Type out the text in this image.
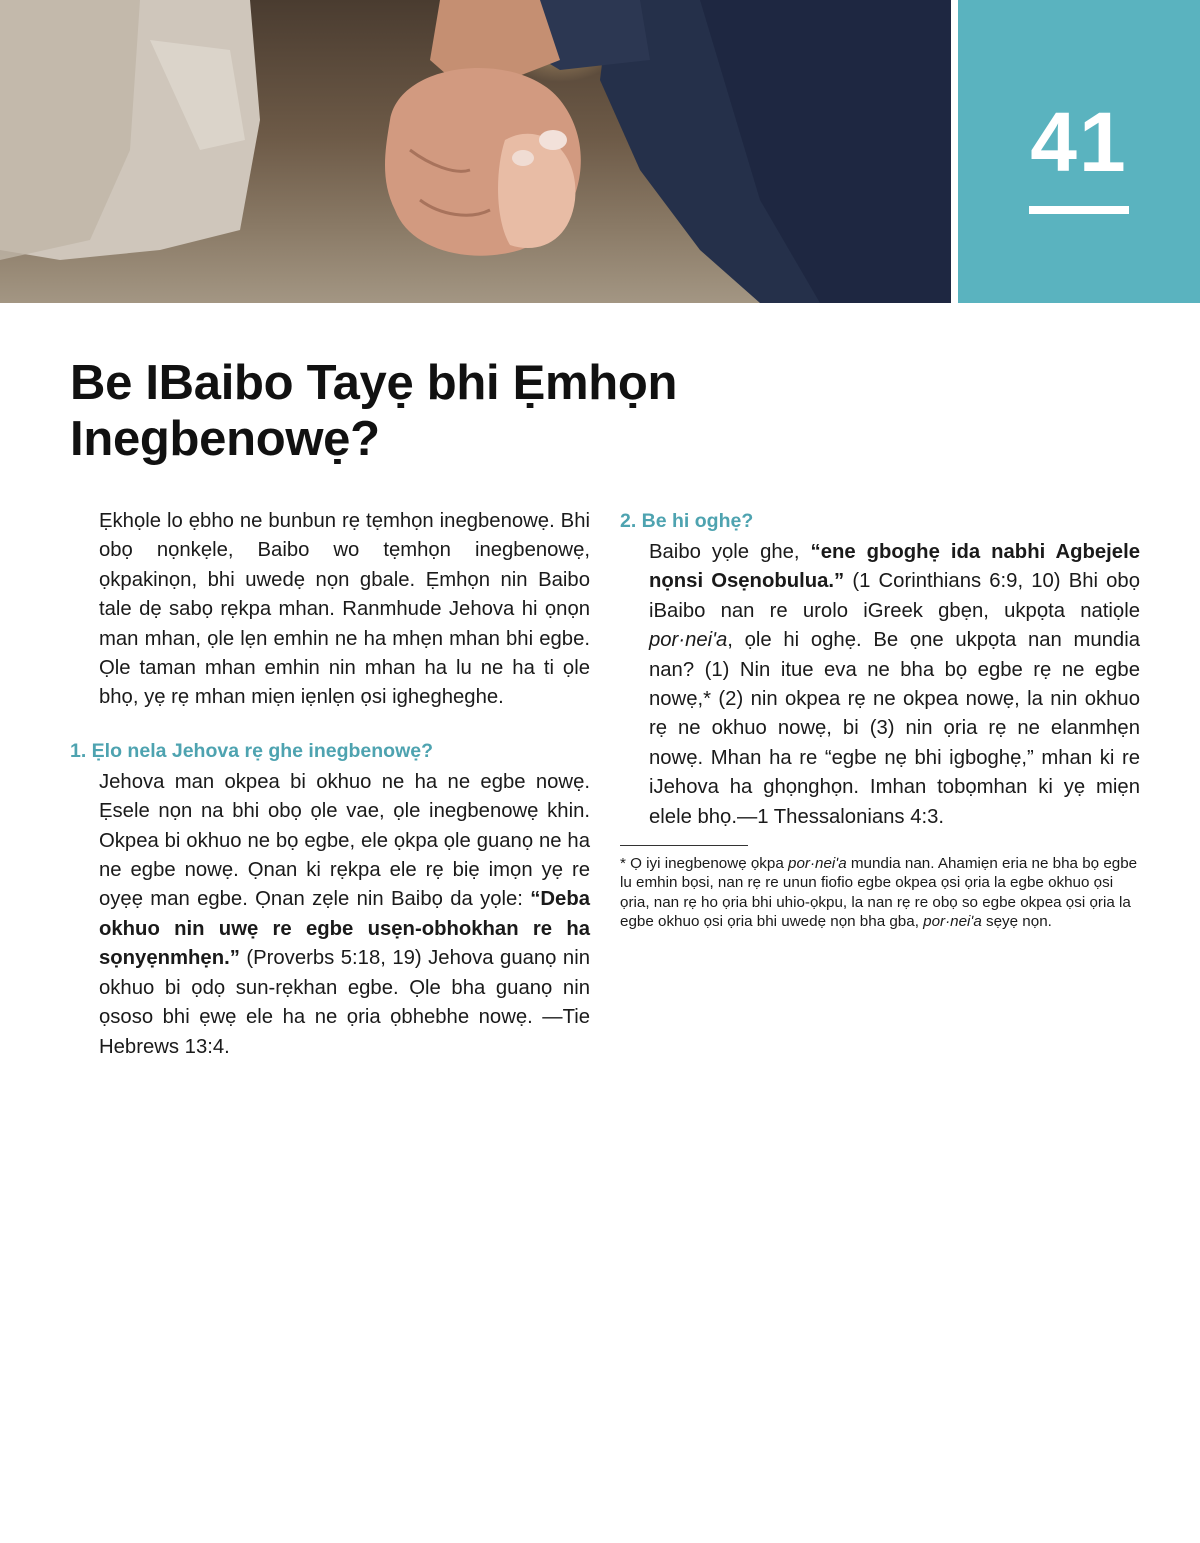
41
Be IBaibo Tayẹ bhi Ẹmhọn Inegbenowẹ?

Ẹkhọle lo ẹbho ne bunbun rẹ tẹmhọn inegbenowẹ. Bhi obọ nọnkẹle, Baibo wo tẹmhọn inegbenowẹ, ọkpakinọn, bhi uwedẹ nọn gbale. Ẹmhọn nin Baibo tale dẹ sabọ rẹkpa mhan. Ranmhude Jehova hi ọnọn man mhan, ọle lẹn emhin ne ha mhẹn mhan bhi egbe. Ọle taman mhan emhin nin mhan ha lu ne ha ti ọle bhọ, yẹ rẹ mhan miẹn iẹnlẹn ọsi ighegheghe.

1. Ẹlo nela Jehova rẹ ghe inegbenowẹ?

Jehova man okpea bi okhuo ne ha ne egbe nowẹ. Ẹsele nọn na bhi obọ ọle vae, ọle inegbenowẹ khin. Okpea bi okhuo ne bọ egbe, ele ọkpa ọle guanọ ne ha ne egbe nowẹ. Ọnan ki rẹkpa ele rẹ biẹ imọn yẹ re oyẹẹ man egbe. Ọnan zẹle nin Baibọ da yọle: “Deba okhuo nin uwẹ re egbe usẹn-obhokhan re ha sọnyẹnmhẹn.” (Proverbs 5:18, 19) Jehova guanọ nin okhuo bi ọdọ sun-rẹkhan egbe. Ọle bha guanọ nin ọsoso bhi ẹwẹ ele ha ne ọria ọbhebhe nowẹ. —Tie Hebrews 13:4.

2. Be hi oghẹ?

Baibo yọle ghe, “ene gboghẹ ida nabhi Agbejele nọnsi Osẹnobulua.” (1 Corinthians 6:9, 10) Bhi obọ iBaibo nan re urolo iGreek gbẹn, ukpọta natiọle por·neiʹa, ọle hi oghẹ. Be ọne ukpọta nan mundia nan? (1) Nin itue eva ne bha bọ egbe rẹ ne egbe nowẹ,* (2) nin okpea rẹ ne okpea nowẹ, la nin okhuo rẹ ne okhuo nowẹ, bi (3) nin ọria rẹ ne elanmhẹn nowẹ. Mhan ha re “egbe nẹ bhi igboghẹ,” mhan ki re iJehova ha ghọnghọn. Imhan tobọmhan ki yẹ miẹn elele bhọ.—1 Thessalonians 4:3.

* Ọ iyi inegbenowẹ ọkpa por·neiʹa mundia nan. Ahamiẹn eria ne bha bọ egbe lu emhin bọsi, nan rẹ re unun fiofio egbe okpea ọsi ọria la egbe okhuo ọsi ọria, nan rẹ ho ọria bhi uhio-ọkpu, la nan rẹ re obọ so egbe okpea ọsi ọria la egbe okhuo ọsi ọria bhi uwedẹ nọn bha gba, por·neiʹa sẹyẹ nọn.
